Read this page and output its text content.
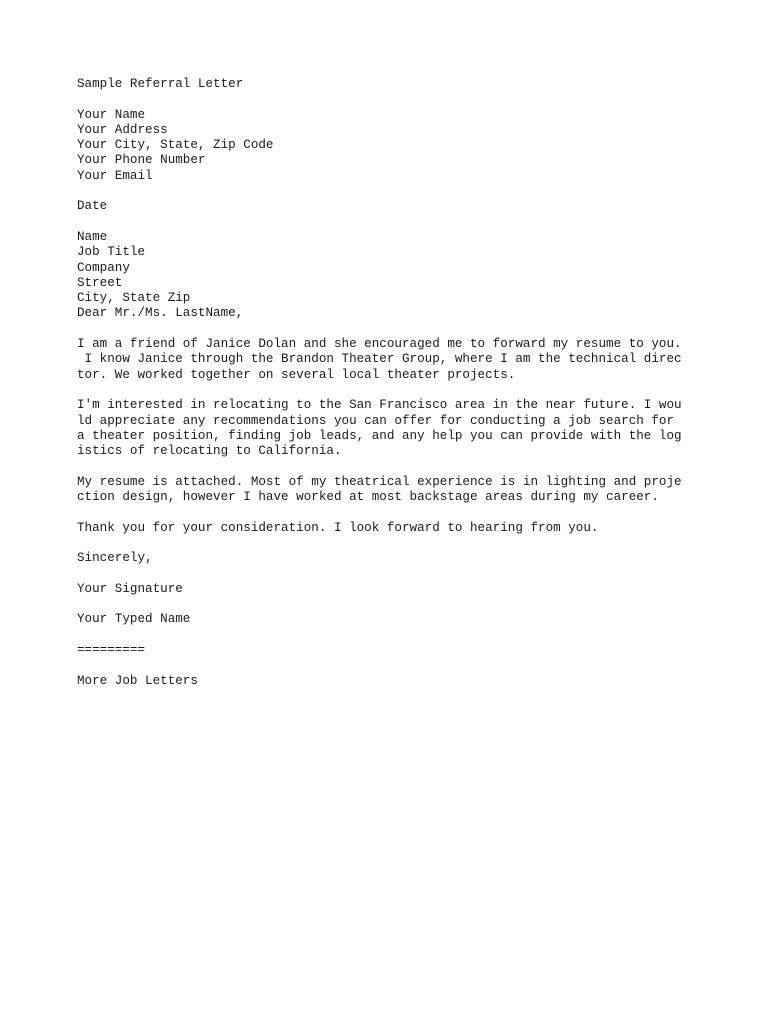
Sample Referral Letter
Your Name
Your Address
Your City, State, Zip Code
Your Phone Number
Your Email
Date
Name
Job Title
Company
Street
City, State Zip
Dear Mr./Ms. LastName,
I am a friend of Janice Dolan and she encouraged me to forward my resume to you.
I know Janice through the Brandon Theater Group, where I am the technical direc
tor. We worked together on several local theater projects.
I'm interested in relocating to the San Francisco area in the near future. I wou
ld appreciate any recommendations you can offer for conducting a job search for
a theater position, finding job leads, and any help you can provide with the log
istics of relocating to California.
My resume is attached. Most of my theatrical experience is in lighting and proje
ction design, however I have worked at most backstage areas during my career.
Thank you for your consideration. I look forward to hearing from you.
Sincerely,
Your Signature
Your Typed Name
=========
More Job Letters
